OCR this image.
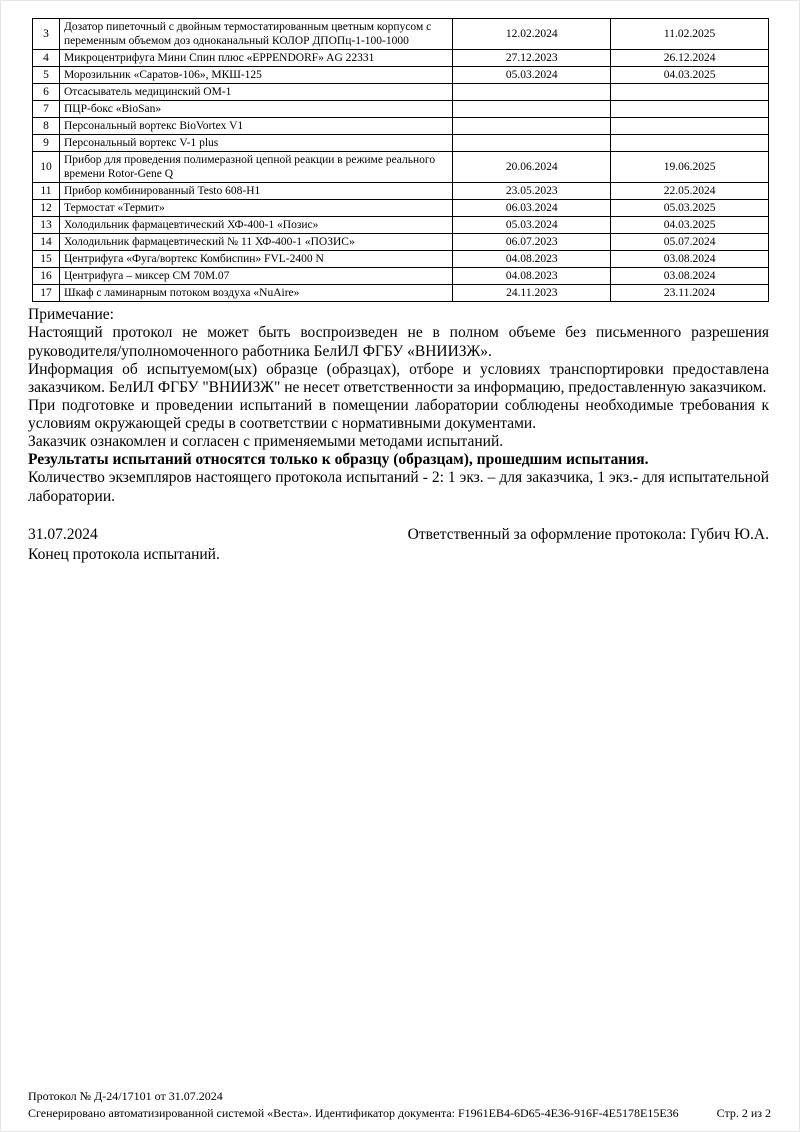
3	Дозатор пипеточный с двойным термостатированным цветным корпусом с переменным объемом доз одноканальный КОЛОР ДПОПц-1-100-1000	12.02.2024	11.02.2025
4	Микроцентрифуга Мини Спин плюс «EPPENDORF» AG 22331	27.12.2023	26.12.2024
5	Морозильник «Саратов-106», МКШ-125	05.03.2024	04.03.2025
6	Отсасыватель медицинский ОМ-1		
7	ПЦР-бокс «BioSan»		
8	Персональный вортекс BioVortex V1		
9	Персональный вортекс V-1 plus		
10	Прибор для проведения полимеразной цепной реакции в режиме реального времени Rotor-Gene Q	20.06.2024	19.06.2025
11	Прибор комбинированный Testo 608-H1	23.05.2023	22.05.2024
12	Термостат «Термит»	06.03.2024	05.03.2025
13	Холодильник фармацевтический ХФ-400-1 «Позис»	05.03.2024	04.03.2025
14	Холодильник фармацевтический № 11 ХФ-400-1 «ПОЗИС»	06.07.2023	05.07.2024
15	Центрифуга «Фуга/вортекс Комбиспин» FVL-2400 N	04.08.2023	03.08.2024
16	Центрифуга – миксер СМ 70М.07	04.08.2023	03.08.2024
17	Шкаф с ламинарным потоком воздуха «NuAire»	24.11.2023	23.11.2024
Примечание:

Настоящий протокол не может быть воспроизведен не в полном объеме без письменного разрешения руководителя/уполномоченного работника БелИЛ ФГБУ «ВНИИЗЖ».

Информация об испытуемом(ых) образце (образцах), отборе и условиях транспортировки предоставлена заказчиком. БелИЛ ФГБУ "ВНИИЗЖ" не несет ответственности за информацию, предоставленную заказчиком.

При подготовке и проведении испытаний в помещении лаборатории соблюдены необходимые требования к условиям окружающей среды в соответствии с нормативными документами.

Заказчик ознакомлен и согласен с применяемыми методами испытаний.

Результаты испытаний относятся только к образцу (образцам), прошедшим испытания.

Количество экземпляров настоящего протокола испытаний - 2: 1 экз. – для заказчика, 1 экз.- для испытательной лаборатории.

31.07.2024	Ответственный за оформление протокола: Губич Ю.А.
Конец протокола испытаний.
Протокол № Д-24/17101 от 31.07.2024
Сгенерировано автоматизированной системой «Веста». Идентификатор документа: F1961EB4-6D65-4E36-916F-4E5178E15E36	Стр. 2 из 2
